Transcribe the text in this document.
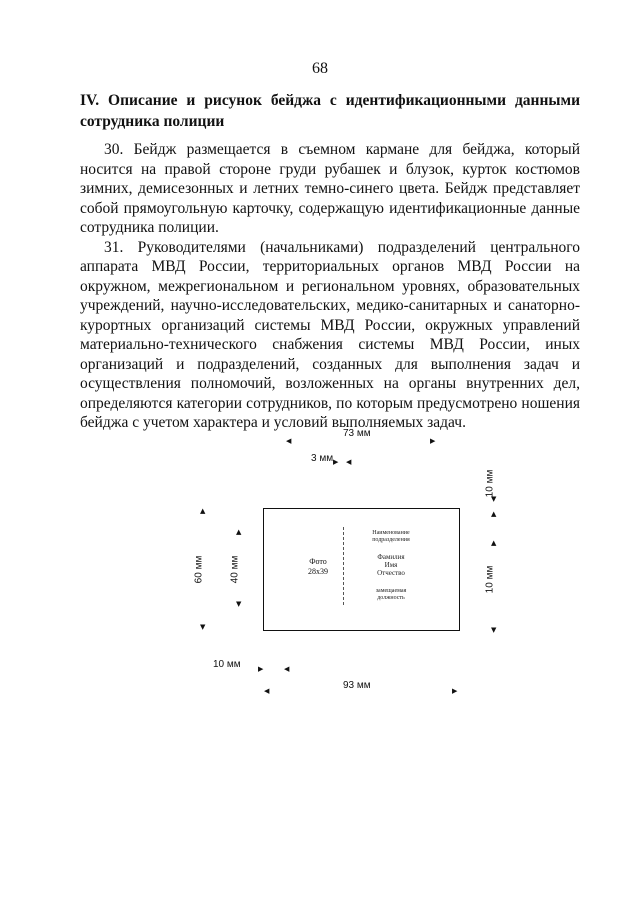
68
IV. Описание и рисунок бейджа с идентификационными данными сотрудника полиции

30. Бейдж размещается в съемном кармане для бейджа, который носится на правой стороне груди рубашек и блузок, курток костюмов зимних, демисезонных и летних темно-синего цвета. Бейдж представляет собой прямоугольную карточку, содержащую идентификационные данные сотрудника полиции.

31. Руководителями (начальниками) подразделений центрального аппарата МВД России, территориальных органов МВД России на окружном, межрегиональном и региональном уровнях, образовательных учреждений, научно-исследовательских, медико-санитарных и санаторно-курортных организаций системы МВД России, окружных управлений материально-технического снабжения системы МВД России, иных организаций и подразделений, созданных для выполнения задач и осуществления полномочий, возложенных на органы внутренних дел, определяются категории сотрудников, по которым предусмотрено ношения бейджа с учетом характера и условий выполняемых задач.

◀
73 мм
▶
3 мм ▶ ◀
10 мм
▼
▲
▲
60 мм
▼
▲
40 мм
▼
Фото
28x39
Наименование подразделения
Фамилия
Имя
Отчество
замещаемая должность
10 мм
▲
▼
10 мм ▶	◀
◀	93 мм	▶
